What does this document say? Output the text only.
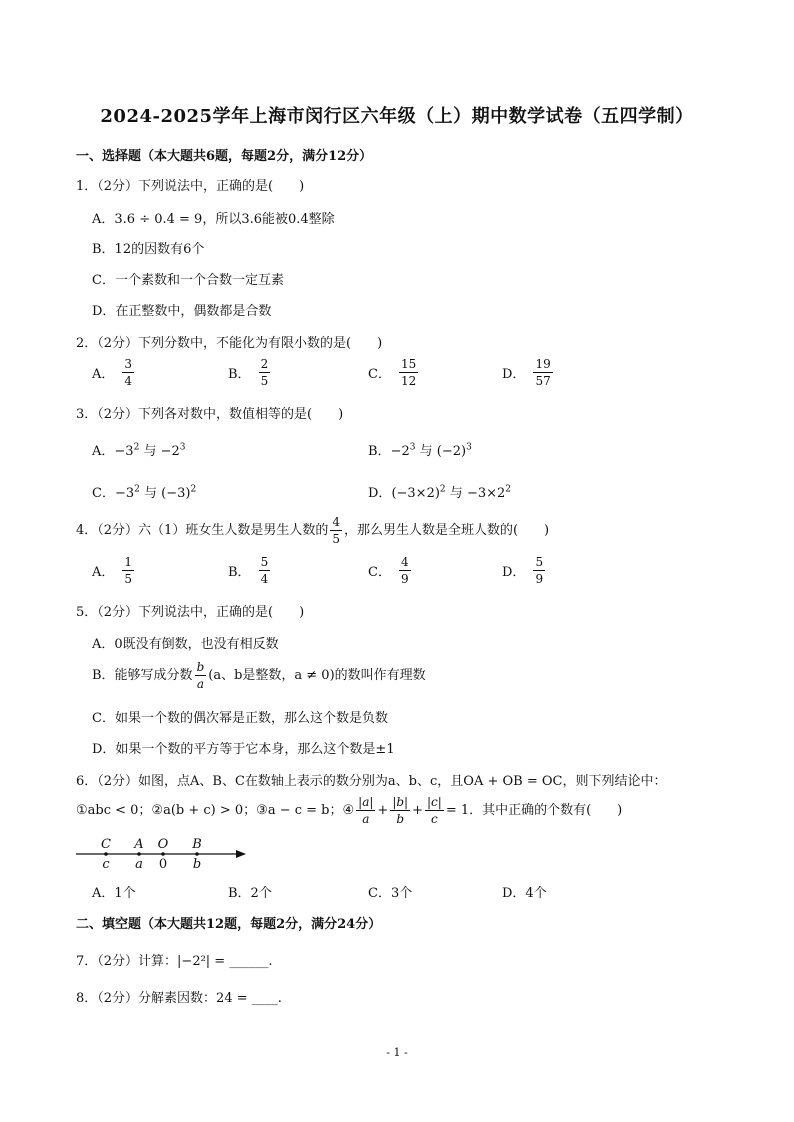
2024-2025学年上海市闵行区六年级（上）期中数学试卷（五四学制）
一、选择题（本大题共6题，每题2分，满分12分）
1．（2分）下列说法中，正确的是(　　)
A．3.6 ÷ 0.4 = 9，所以3.6能被0.4整除
B．12的因数有6个
C．一个素数和一个合数一定互素
D．在正整数中，偶数都是合数
2．（2分）下列分数中，不能化为有限小数的是(　　)
A． $\frac{3}{4}$	B． $\frac{2}{5}$	C． $\frac{15}{12}$	D． $\frac{19}{57}$
3．（2分）下列各对数中，数值相等的是(　　)
A．$-3^2$ 与 $-2^3$	B．$-2^3$ 与 $(-2)^3$
C．$-3^2$ 与 $(-3)^2$	D．$(-3\times 2)^2$ 与 $-3\times 2^2$
4．（2分）六（1）班女生人数是男生人数的 $\frac{4}{5}$ ，那么男生人数是全班人数的(　　)
A． $\frac{1}{5}$	B． $\frac{5}{4}$	C． $\frac{4}{9}$	D． $\frac{5}{9}$
5．（2分）下列说法中，正确的是(　　)
A．0既没有倒数，也没有相反数
B．能够写成分数 $\frac{b}{a} (a$、b是整数，a ≠ 0)的数叫作有理数
C．如果一个数的偶次幂是正数，那么这个数是负数
D．如果一个数的平方等于它本身，那么这个数是±1
6．（2分）如图，点A、B、C在数轴上表示的数分别为a、b、c，且OA + OB = OC，则下列结论中：
①abc < 0；②a(b + c) > 0；③a − c = b；④ $\frac{|a|}{a} + \frac{|b|}{b} + \frac{|c|}{c} = 1$．其中正确的个数有(　　)
C
c
A
a
O
0
B
b
A．1个	B．2个	C．3个	D．4个
二、填空题（本大题共12题，每题2分，满分24分）
7．（2分）计算：|−2²| = ______.
8．（2分）分解素因数：24 = ____.
- 1 -
